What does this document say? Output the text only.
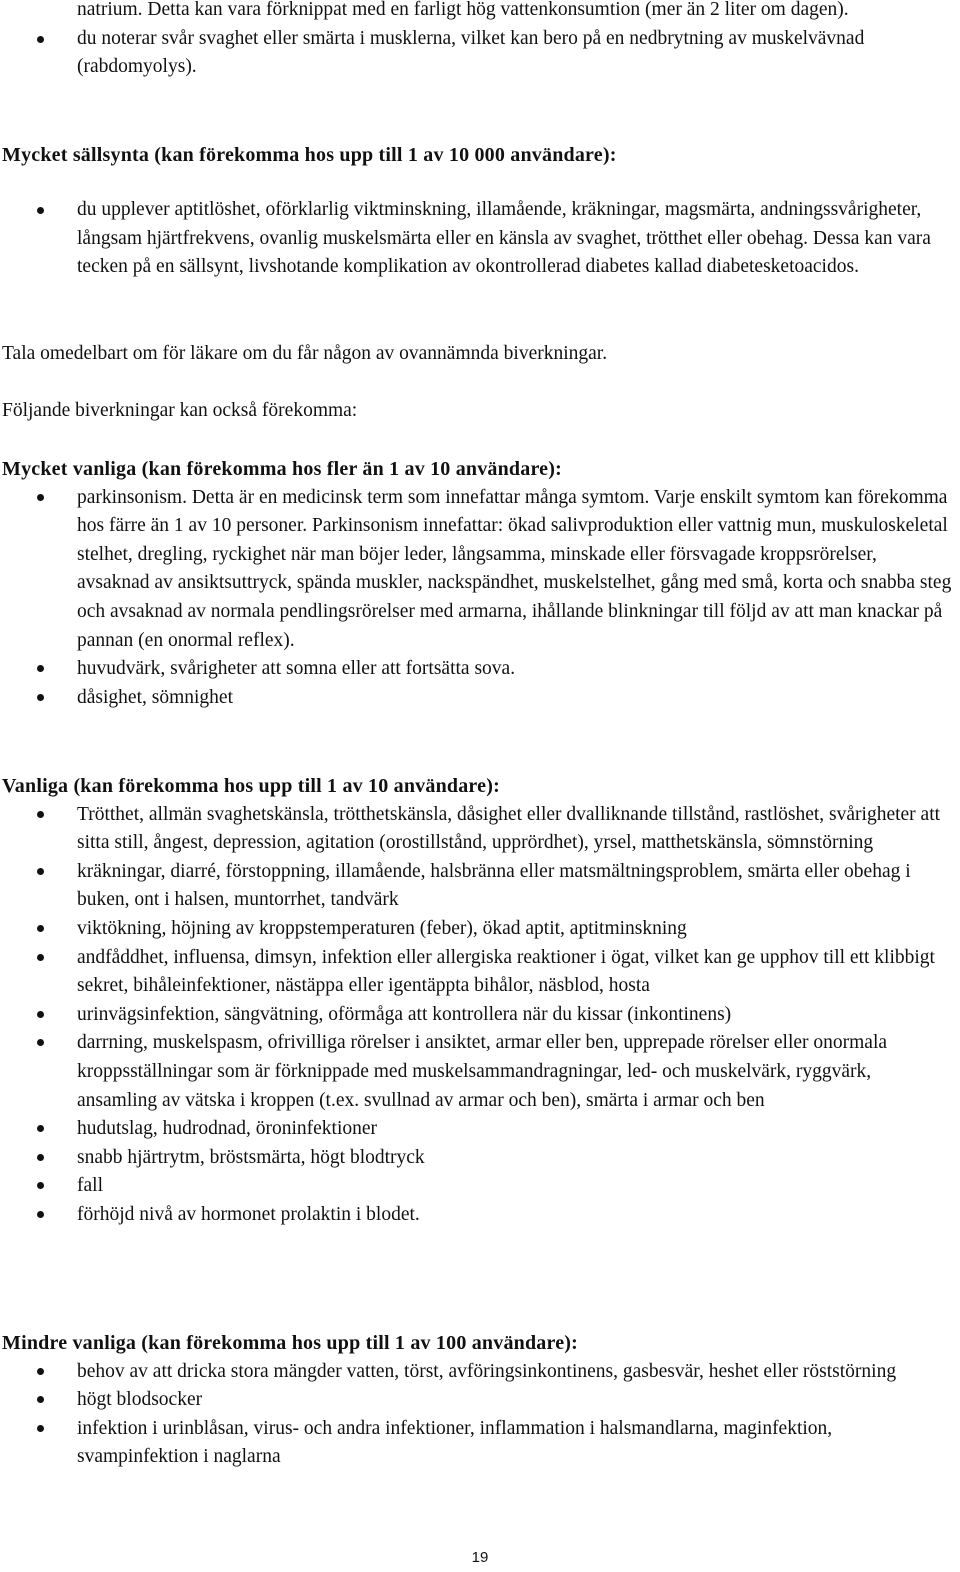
natrium. Detta kan vara förknippat med en farligt hög vattenkonsumtion (mer än 2 liter om dagen).
du noterar svår svaghet eller smärta i musklerna, vilket kan bero på en nedbrytning av muskelvävnad (rabdomyolys).
Mycket sällsynta (kan förekomma hos upp till 1 av 10 000 användare):
du upplever aptitlöshet, oförklarlig viktminskning, illamående, kräkningar, magsmärta, andningssvårigheter, långsam hjärtfrekvens, ovanlig muskelsmärta eller en känsla av svaghet, trötthet eller obehag. Dessa kan vara tecken på en sällsynt, livshotande komplikation av okontrollerad diabetes kallad diabetesketoacidos.
Tala omedelbart om för läkare om du får någon av ovannämnda biverkningar.
Följande biverkningar kan också förekomma:
Mycket vanliga (kan förekomma hos fler än 1 av 10 användare):
parkinsonism. Detta är en medicinsk term som innefattar många symtom. Varje enskilt symtom kan förekomma hos färre än 1 av 10 personer. Parkinsonism innefattar: ökad salivproduktion eller vattnig mun, muskuloskeletal stelhet, dregling, ryckighet när man böjer leder, långsamma, minskade eller försvagade kroppsrörelser, avsaknad av ansiktsuttryck, spända muskler, nackspändhet, muskelstelhet, gång med små, korta och snabba steg och avsaknad av normala pendlingsrörelser med armarna, ihållande blinkningar till följd av att man knackar på pannan (en onormal reflex).
huvudvärk, svårigheter att somna eller att fortsätta sova.
dåsighet, sömnighet
Vanliga (kan förekomma hos upp till 1 av 10 användare):
Trötthet, allmän svaghetskänsla, trötthetskänsla, dåsighet eller dvalliknande tillstånd, rastlöshet, svårigheter att sitta still, ångest, depression, agitation (orostillstånd, upprördhet), yrsel, matthetskänsla, sömnstörning
kräkningar, diarré, förstoppning, illamående, halsbränna eller matsmältningsproblem, smärta eller obehag i buken, ont i halsen, muntorrhet, tandvärk
viktökning, höjning av kroppstemperaturen (feber), ökad aptit, aptitminskning
andfåddhet, influensa, dimsyn, infektion eller allergiska reaktioner i ögat, vilket kan ge upphov till ett klibbigt sekret, bihåleinfektioner, nästäppa eller igentäppta bihålor, näsblod, hosta
urinvägsinfektion, sängvätning, oförmåga att kontrollera när du kissar (inkontinens)
darrning, muskelspasm, ofrivilliga rörelser i ansiktet, armar eller ben, upprepade rörelser eller onormala kroppsställningar som är förknippade med muskelsammandragningar, led- och muskelvärk, ryggvärk, ansamling av vätska i kroppen (t.ex. svullnad av armar och ben), smärta i armar och ben
hudutslag, hudrodnad, öroninfektioner
snabb hjärtrytm, bröstsmärta, högt blodtryck
fall
förhöjd nivå av hormonet prolaktin i blodet.
Mindre vanliga (kan förekomma hos upp till 1 av 100 användare):
behov av att dricka stora mängder vatten, törst, avföringsinkontinens, gasbesvär, heshet eller röststörning
högt blodsocker
infektion i urinblåsan, virus- och andra infektioner, inflammation i halsmandlarna, maginfektion, svampinfektion i naglarna
19
